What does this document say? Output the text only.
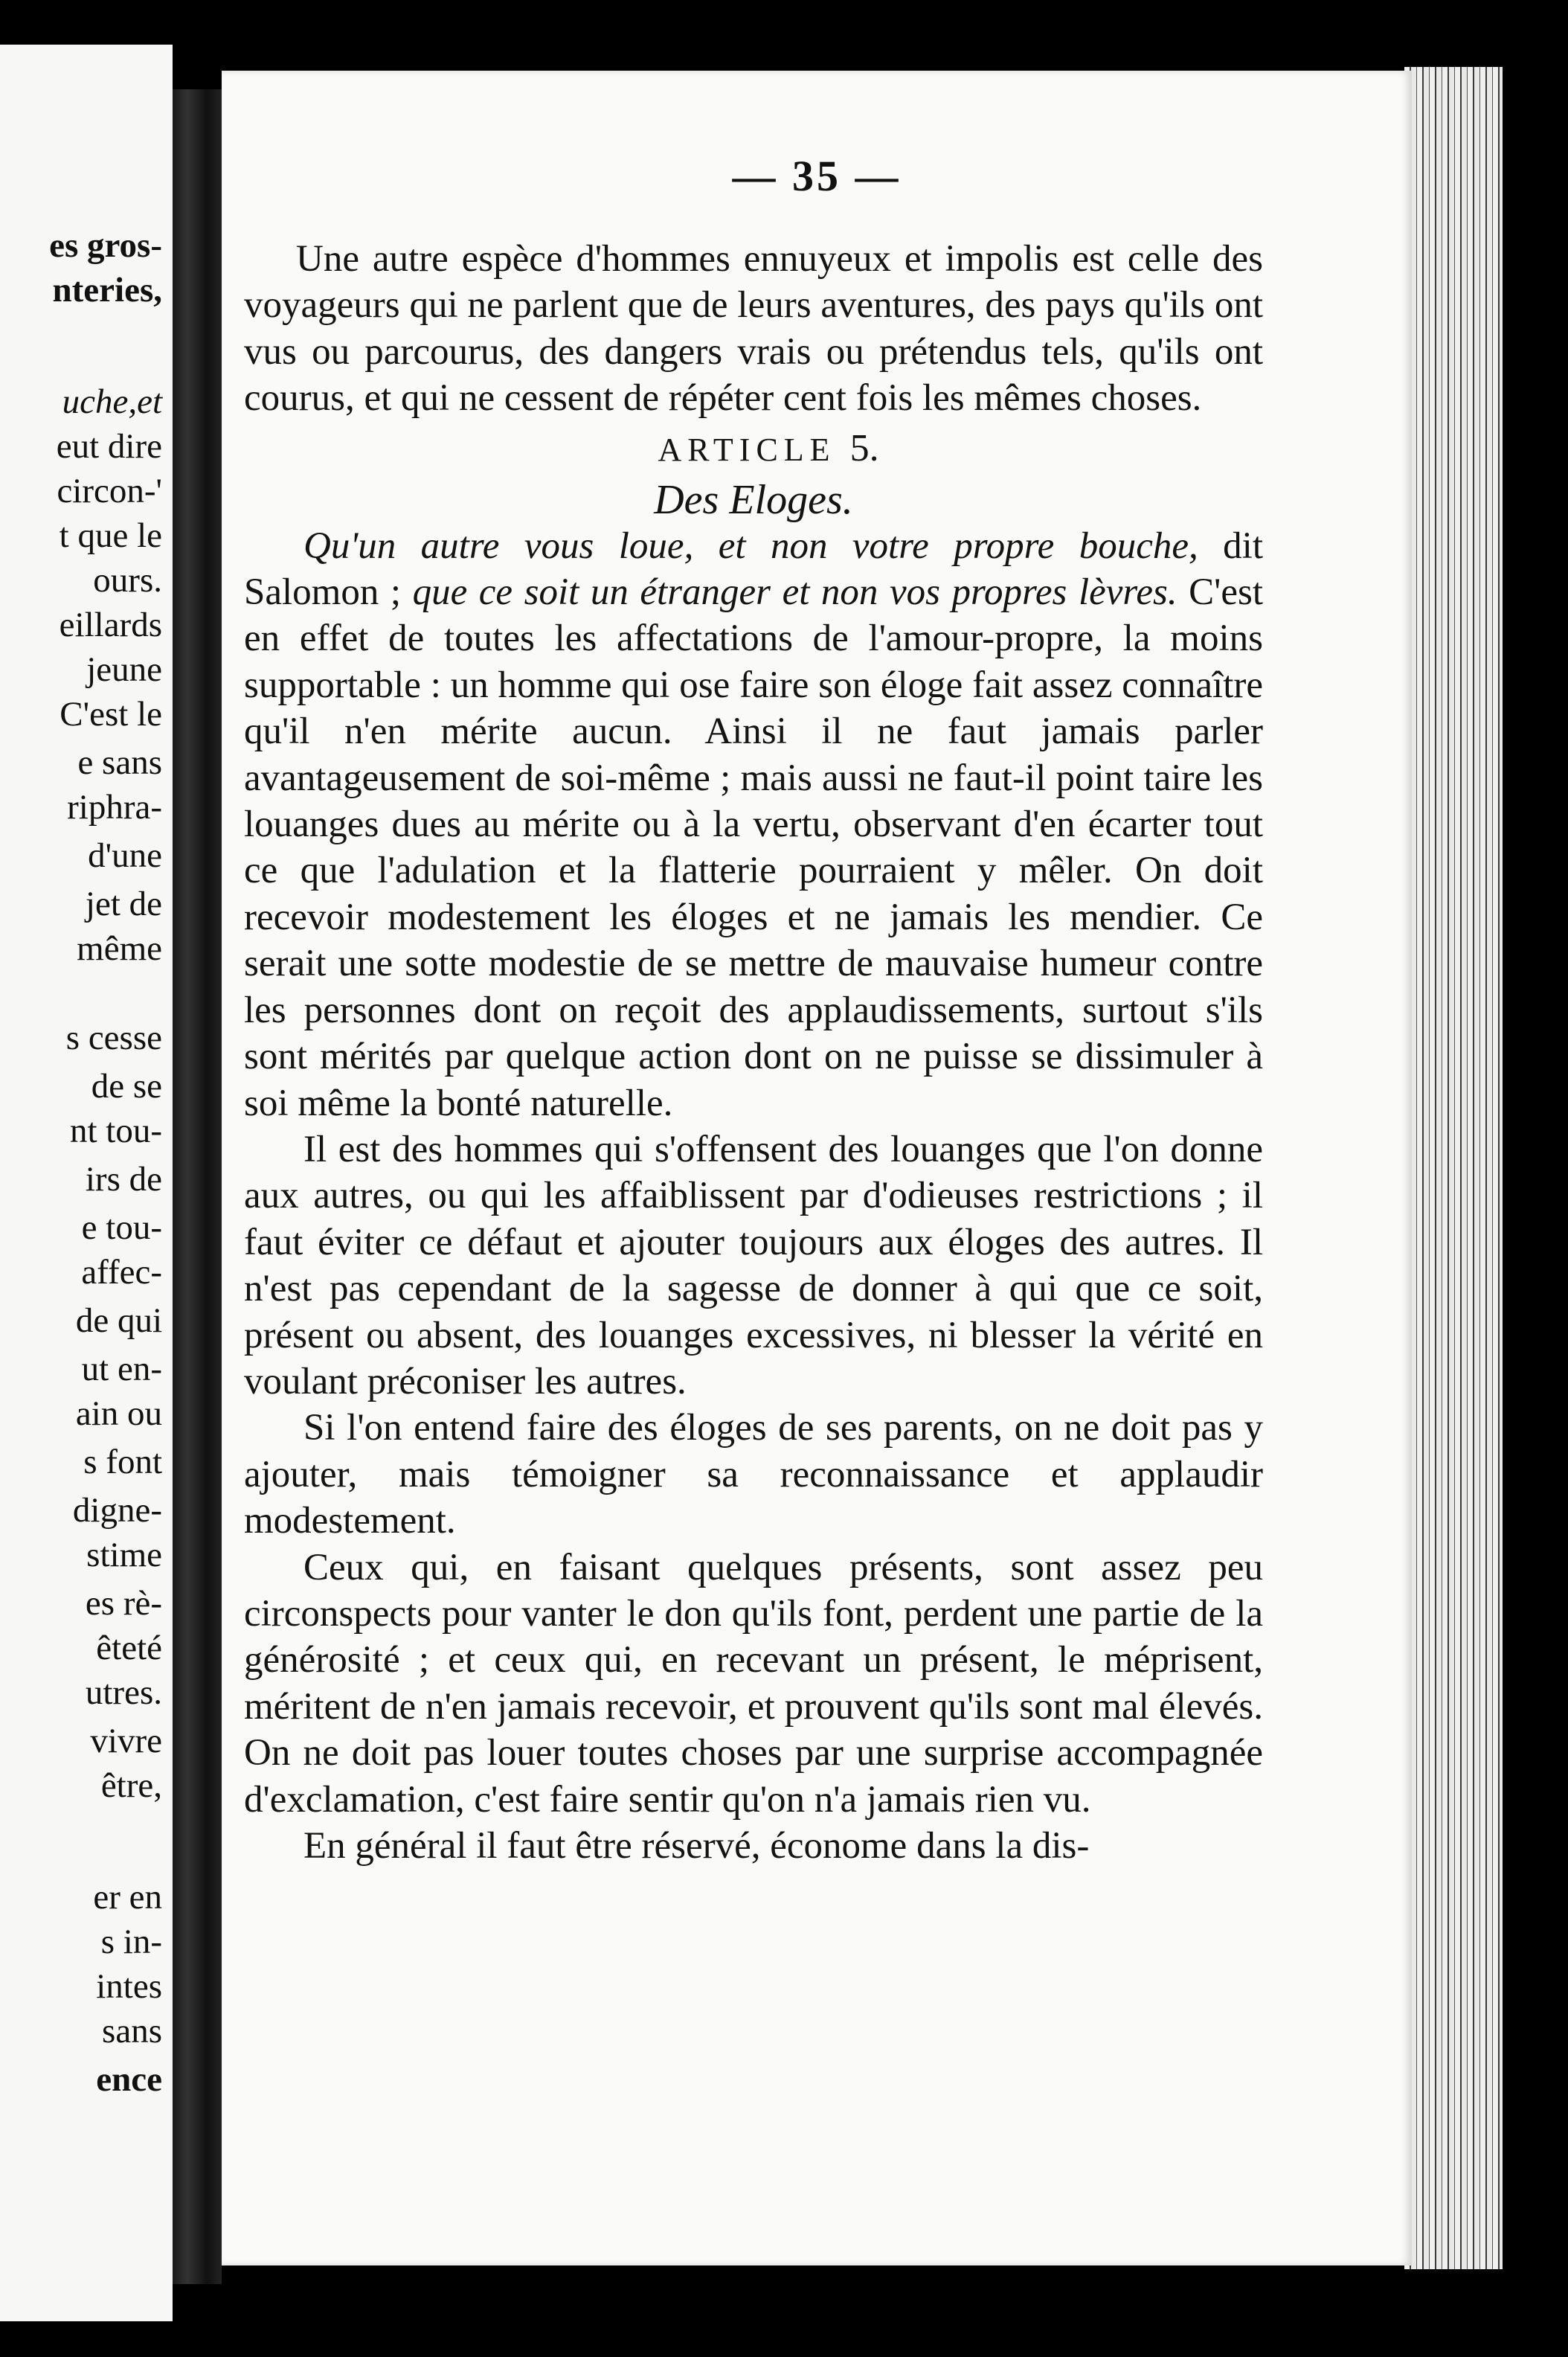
es gros-
nteries,
uche,et
eut dire
circon-'
t que le
ours.
eillards
jeune
C'est le
e sans
riphra-
d'une
jet de
même
s cesse
de se
nt tou-
irs de
e tou-
affec-
de qui
ut en-
ain ou
s font
digne-
stime
es rè-
êteté
utres.
vivre
être,
er en
s in-
intes
sans
ence
— 35 —

Une autre espèce d'hommes ennuyeux et impolis est celle des voyageurs qui ne parlent que de leurs aventures, des pays qu'ils ont vus ou parcourus, des dangers vrais ou prétendus tels, qu'ils ont courus, et qui ne cessent de répéter cent fois les mêmes choses.

ARTICLE 5.

Des Eloges.

Qu'un autre vous loue, et non votre propre bouche, dit Salomon ; que ce soit un étranger et non vos propres lèvres. C'est en effet de toutes les affectations de l'amour-propre, la moins supportable : un homme qui ose faire son éloge fait assez connaître qu'il n'en mérite aucun. Ainsi il ne faut jamais parler avantageusement de soi-même ; mais aussi ne faut-il point taire les louanges dues au mérite ou à la vertu, observant d'en écarter tout ce que l'adulation et la flatterie pourraient y mêler. On doit recevoir modestement les éloges et ne jamais les mendier. Ce serait une sotte modestie de se mettre de mauvaise humeur contre les personnes dont on reçoit des applaudissements, surtout s'ils sont mérités par quelque action dont on ne puisse se dissimuler à soi même la bonté naturelle.

Il est des hommes qui s'offensent des louanges que l'on donne aux autres, ou qui les affaiblissent par d'odieuses restrictions ; il faut éviter ce défaut et ajouter toujours aux éloges des autres. Il n'est pas cependant de la sagesse de donner à qui que ce soit, présent ou absent, des louanges excessives, ni blesser la vérité en voulant préconiser les autres.

Si l'on entend faire des éloges de ses parents, on ne doit pas y ajouter, mais témoigner sa reconnaissance et applaudir modestement.

Ceux qui, en faisant quelques présents, sont assez peu circonspects pour vanter le don qu'ils font, perdent une partie de la générosité ; et ceux qui, en recevant un présent, le méprisent, méritent de n'en jamais recevoir, et prouvent qu'ils sont mal élevés. On ne doit pas louer toutes choses par une surprise accompagnée d'exclamation, c'est faire sentir qu'on n'a jamais rien vu.

En général il faut être réservé, économe dans la dis-
